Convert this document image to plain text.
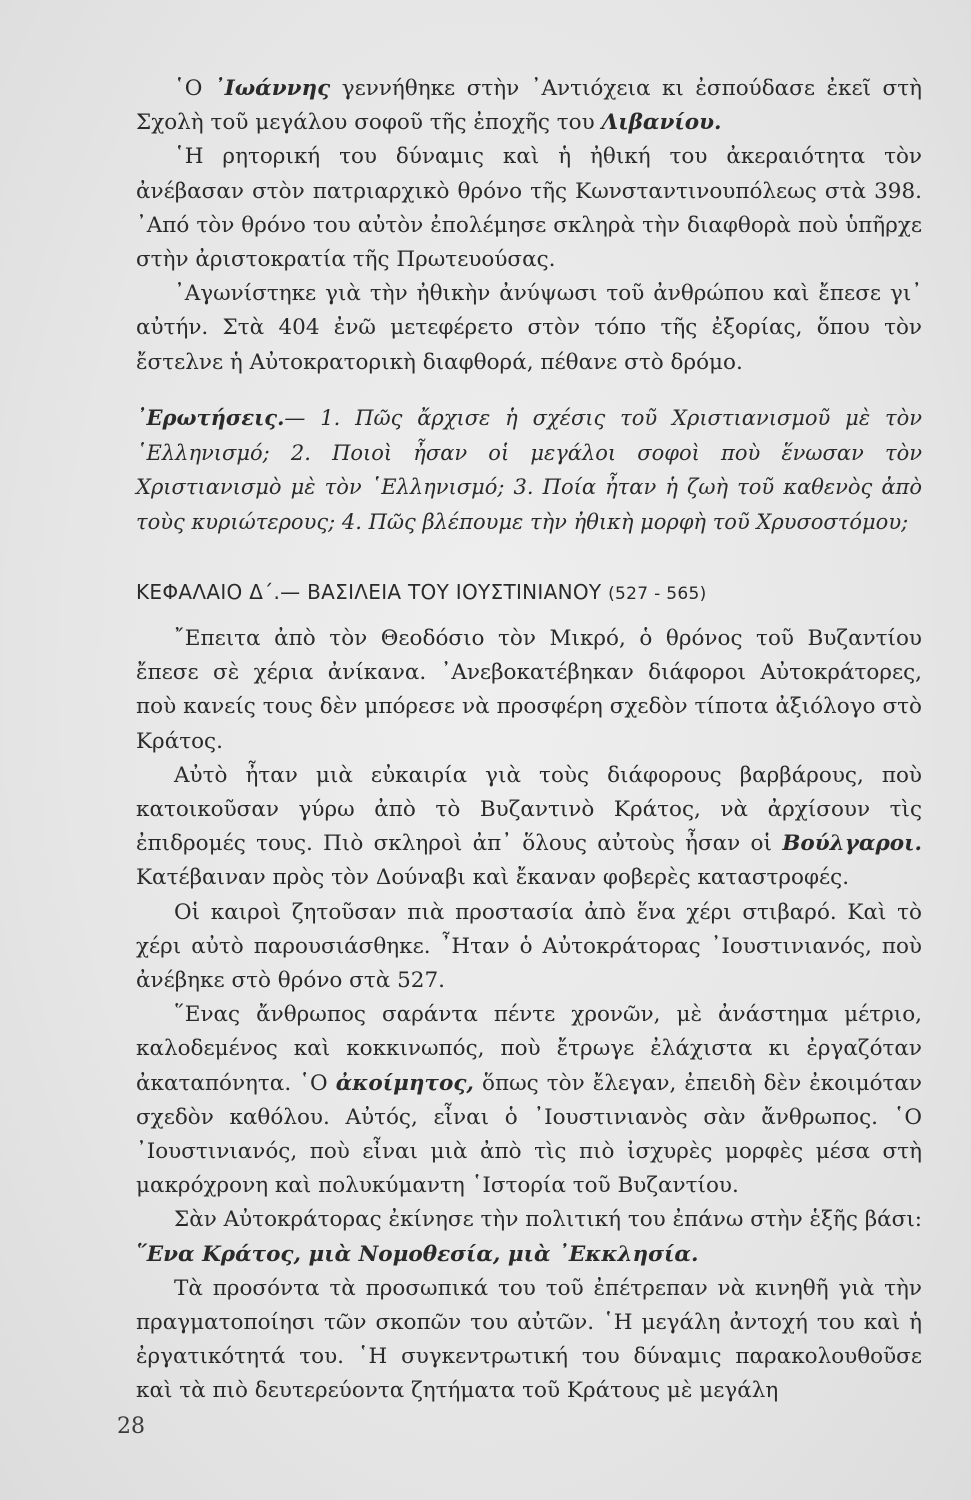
῾Ο ᾿Ιωάννης γεννήθηκε στὴν ᾿Αντιόχεια κι ἐσπούδασε ἐκεῖ στὴ Σχολὴ τοῦ μεγάλου σοφοῦ τῆς ἐποχῆς του Λιβανίου.

῾Η ρητορική του δύναμις καὶ ἡ ἠθική του ἀκεραιότητα τὸν ἀνέβασαν στὸν πατριαρχικὸ θρόνο τῆς Κωνσταντινουπόλεως στὰ 398. ᾿Από τὸν θρόνο του αὐτὸν ἐπολέμησε σκληρὰ τὴν διαφθορὰ ποὺ ὑπῆρχε στὴν ἀριστοκρατία τῆς Πρωτευούσας.

᾿Αγωνίστηκε γιὰ τὴν ἠθικὴν ἀνύψωσι τοῦ ἀνθρώπου καὶ ἔπεσε γι᾿ αὐτήν. Στὰ 404 ἐνῶ μετεφέρετο στὸν τόπο τῆς ἐξορίας, ὅπου τὸν ἔστελνε ἡ Αὐτοκρατορικὴ διαφθορά, πέθανε στὸ δρόμο.

᾿Ερωτήσεις.— 1. Πῶς ἄρχισε ἡ σχέσις τοῦ Χριστιανισμοῦ μὲ τὸν ῾Ελληνισμό; 2. Ποιοὶ ἦσαν οἱ μεγάλοι σοφοὶ ποὺ ἕνωσαν τὸν Χριστιανισμὸ μὲ τὸν ῾Ελληνισμό; 3. Ποία ἦταν ἡ ζωὴ τοῦ καθενὸς ἀπὸ τοὺς κυριώτερους; 4. Πῶς βλέπουμε τὴν ἠθικὴ μορφὴ τοῦ Χρυσοστόμου;
ΚΕΦΑΛΑΙΟ Δ΄.— ΒΑΣΙΛΕΙΑ ΤΟΥ ΙΟΥΣΤΙΝΙΑΝΟΥ (527 - 565)

῎Επειτα ἀπὸ τὸν Θεοδόσιο τὸν Μικρό, ὁ θρόνος τοῦ Βυζαντίου ἔπεσε σὲ χέρια ἀνίκανα. ᾿Ανεβοκατέβηκαν διάφοροι Αὐτοκράτορες, ποὺ κανείς τους δὲν μπόρεσε νὰ προσφέρη σχεδὸν τίποτα ἀξιόλογο στὸ Κράτος.

Αὐτὸ ἦταν μιὰ εὐκαιρία γιὰ τοὺς διάφορους βαρβάρους, ποὺ κατοικοῦσαν γύρω ἀπὸ τὸ Βυζαντινὸ Κράτος, νὰ ἀρχίσουν τὶς ἐπιδρομές τους. Πιὸ σκληροὶ ἀπ᾿ ὅλους αὐτοὺς ἦσαν οἱ Βούλγαροι. Κατέβαιναν πρὸς τὸν Δούναβι καὶ ἔκαναν φοβερὲς καταστροφές.

Οἱ καιροὶ ζητοῦσαν πιὰ προστασία ἀπὸ ἕνα χέρι στιβαρό. Καὶ τὸ χέρι αὐτὸ παρουσιάσθηκε. ῏Ηταν ὁ Αὐτοκράτορας ᾿Ιουστινιανός, ποὺ ἀνέβηκε στὸ θρόνο στὰ 527.

῞Ενας ἄνθρωπος σαράντα πέντε χρονῶν, μὲ ἀνάστημα μέτριο, καλοδεμένος καὶ κοκκινωπός, ποὺ ἔτρωγε ἐλάχιστα κι ἐργαζόταν ἀκαταπόνητα. ῾Ο ἀκοίμητος, ὅπως τὸν ἔλεγαν, ἐπειδὴ δὲν ἐκοιμόταν σχεδὸν καθόλου. Αὐτός, εἶναι ὁ ᾿Ιουστινιανὸς σὰν ἄνθρωπος. ῾Ο ᾿Ιουστινιανός, ποὺ εἶναι μιὰ ἀπὸ τὶς πιὸ ἰσχυρὲς μορφὲς μέσα στὴ μακρόχρονη καὶ πολυκύμαντη ῾Ιστορία τοῦ Βυζαντίου.

Σὰν Αὐτοκράτορας ἐκίνησε τὴν πολιτική του ἐπάνω στὴν ἑξῆς βάσι: ῞Ενα Κράτος, μιὰ Νομοθεσία, μιὰ ᾿Εκκλησία.

Τὰ προσόντα τὰ προσωπικά του τοῦ ἐπέτρεπαν νὰ κινηθῆ γιὰ τὴν πραγματοποίησι τῶν σκοπῶν του αὐτῶν. ῾Η μεγάλη ἀντοχή του καὶ ἡ ἐργατικότητά του. ῾Η συγκεντρωτική του δύναμις παρακολουθοῦσε καὶ τὰ πιὸ δευτερεύοντα ζητήματα τοῦ Κράτους μὲ μεγάλη

28
